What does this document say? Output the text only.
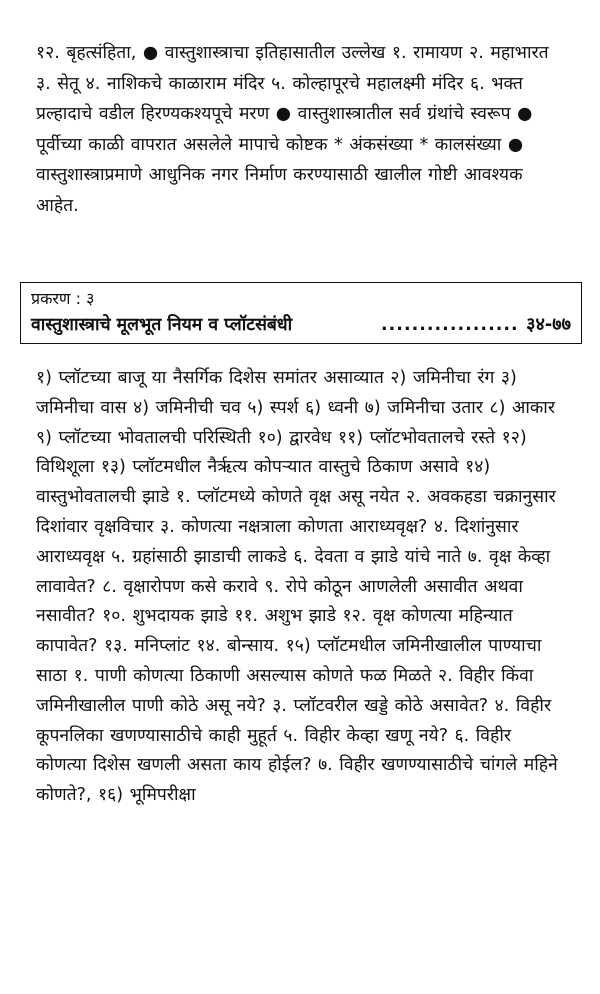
१२. बृहत्संहिता, ● वास्तुशास्त्राचा इतिहासातील उल्लेख १. रामायण २. महाभारत ३. सेतू ४. नाशिकचे काळाराम मंदिर ५. कोल्हापूरचे महालक्ष्मी मंदिर ६. भक्त प्रल्हादाचे वडील हिरण्यकश्यपूचे मरण ● वास्तुशास्त्रातील सर्व ग्रंथांचे स्वरूप ● पूर्वीच्या काळी वापरात असलेले मापाचे कोष्टक * अंकसंख्या * कालसंख्या ● वास्तुशास्त्राप्रमाणे आधुनिक नगर निर्माण करण्यासाठी खालील गोष्टी आवश्यक आहेत.
प्रकरण : ३
वास्तुशास्त्राचे मूलभूत नियम व प्लॉटसंबंधी	.................. ३४-७७
१) प्लॉटच्या बाजू या नैसर्गिक दिशेस समांतर असाव्यात २) जमिनीचा रंग ३) जमिनीचा वास ४) जमिनीची चव ५) स्पर्श ६) ध्वनी ७) जमिनीचा उतार ८) आकार ९) प्लॉटच्या भोवतालची परिस्थिती १०) द्वारवेध ११) प्लॉटभोवतालचे रस्ते १२) विथिशूला १३) प्लॉटमधील नैर्ऋत्य कोपऱ्यात वास्तुचे ठिकाण असावे १४) वास्तुभोवतालची झाडे १. प्लॉटमध्ये कोणते वृक्ष असू नयेत २. अवकहडा चक्रानुसार दिशांवार वृक्षविचार ३. कोणत्या नक्षत्राला कोणता आराध्यवृक्ष? ४. दिशांनुसार आराध्यवृक्ष ५. ग्रहांसाठी झाडाची लाकडे ६. देवता व झाडे यांचे नाते ७. वृक्ष केव्हा लावावेत? ८. वृक्षारोपण कसे करावे ९. रोपे कोठून आणलेली असावीत अथवा नसावीत? १०. शुभदायक झाडे ११. अशुभ झाडे १२. वृक्ष कोणत्या महिन्यात कापावेत? १३. मनिप्लांट १४. बोन्साय. १५) प्लॉटमधील जमिनीखालील पाण्याचा साठा १. पाणी कोणत्या ठिकाणी असल्यास कोणते फळ मिळते २. विहीर किंवा जमिनीखालील पाणी कोठे असू नये? ३. प्लॉटवरील खड्डे कोठे असावेत? ४. विहीर कूपनलिका खणण्यासाठीचे काही मुहूर्त ५. विहीर केव्हा खणू नये? ६. विहीर कोणत्या दिशेस खणली असता काय होईल? ७. विहीर खणण्यासाठीचे चांगले महिने कोणते?, १६) भूमिपरीक्षा
